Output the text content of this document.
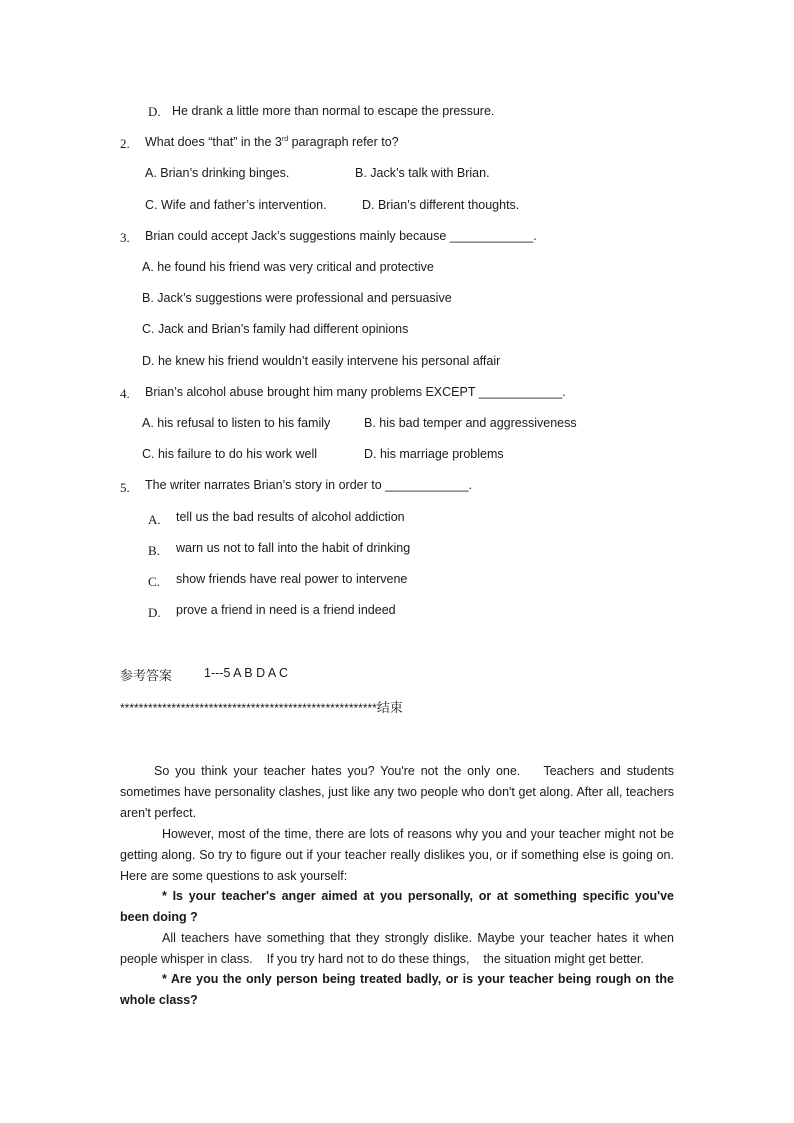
D. He drank a little more than normal to escape the pressure.
2. What does “that” in the 3rd paragraph refer to?
A. Brian’s drinking binges.	B. Jack’s talk with Brian.
C. Wife and father’s intervention.	D. Brian’s different thoughts.
3. Brian could accept Jack’s suggestions mainly because ____________.
A. he found his friend was very critical and protective
B. Jack’s suggestions were professional and persuasive
C. Jack and Brian’s family had different opinions
D. he knew his friend wouldn’t easily intervene his personal affair
4. Brian’s alcohol abuse brought him many problems EXCEPT ____________.
A. his refusal to listen to his family	B. his bad temper and aggressiveness
C. his failure to do his work well	D. his marriage problems
5. The writer narrates Brian’s story in order to ____________.
A. tell us the bad results of alcohol addiction
B. warn us not to fall into the habit of drinking
C. show friends have real power to intervene
D. prove a friend in need is a friend indeed
参考答案	1---5 A B D A C
*******************************************************结束
So you think your teacher hates you? You're not the only one.    Teachers and students sometimes have personality clashes, just like any two people who don't get along. After all, teachers aren't perfect.
However, most of the time, there are lots of reasons why you and your teacher might not be getting along. So try to figure out if your teacher really dislikes you, or if something else is going on. Here are some questions to ask yourself:
* Is your teacher's anger aimed at you personally, or at something specific you've been doing ?
All teachers have something that they strongly dislike. Maybe your teacher hates it when people whisper in class.    If you try hard not to do these things,    the situation might get better.
* Are you the only person being treated badly, or is your teacher being rough on the whole class?
